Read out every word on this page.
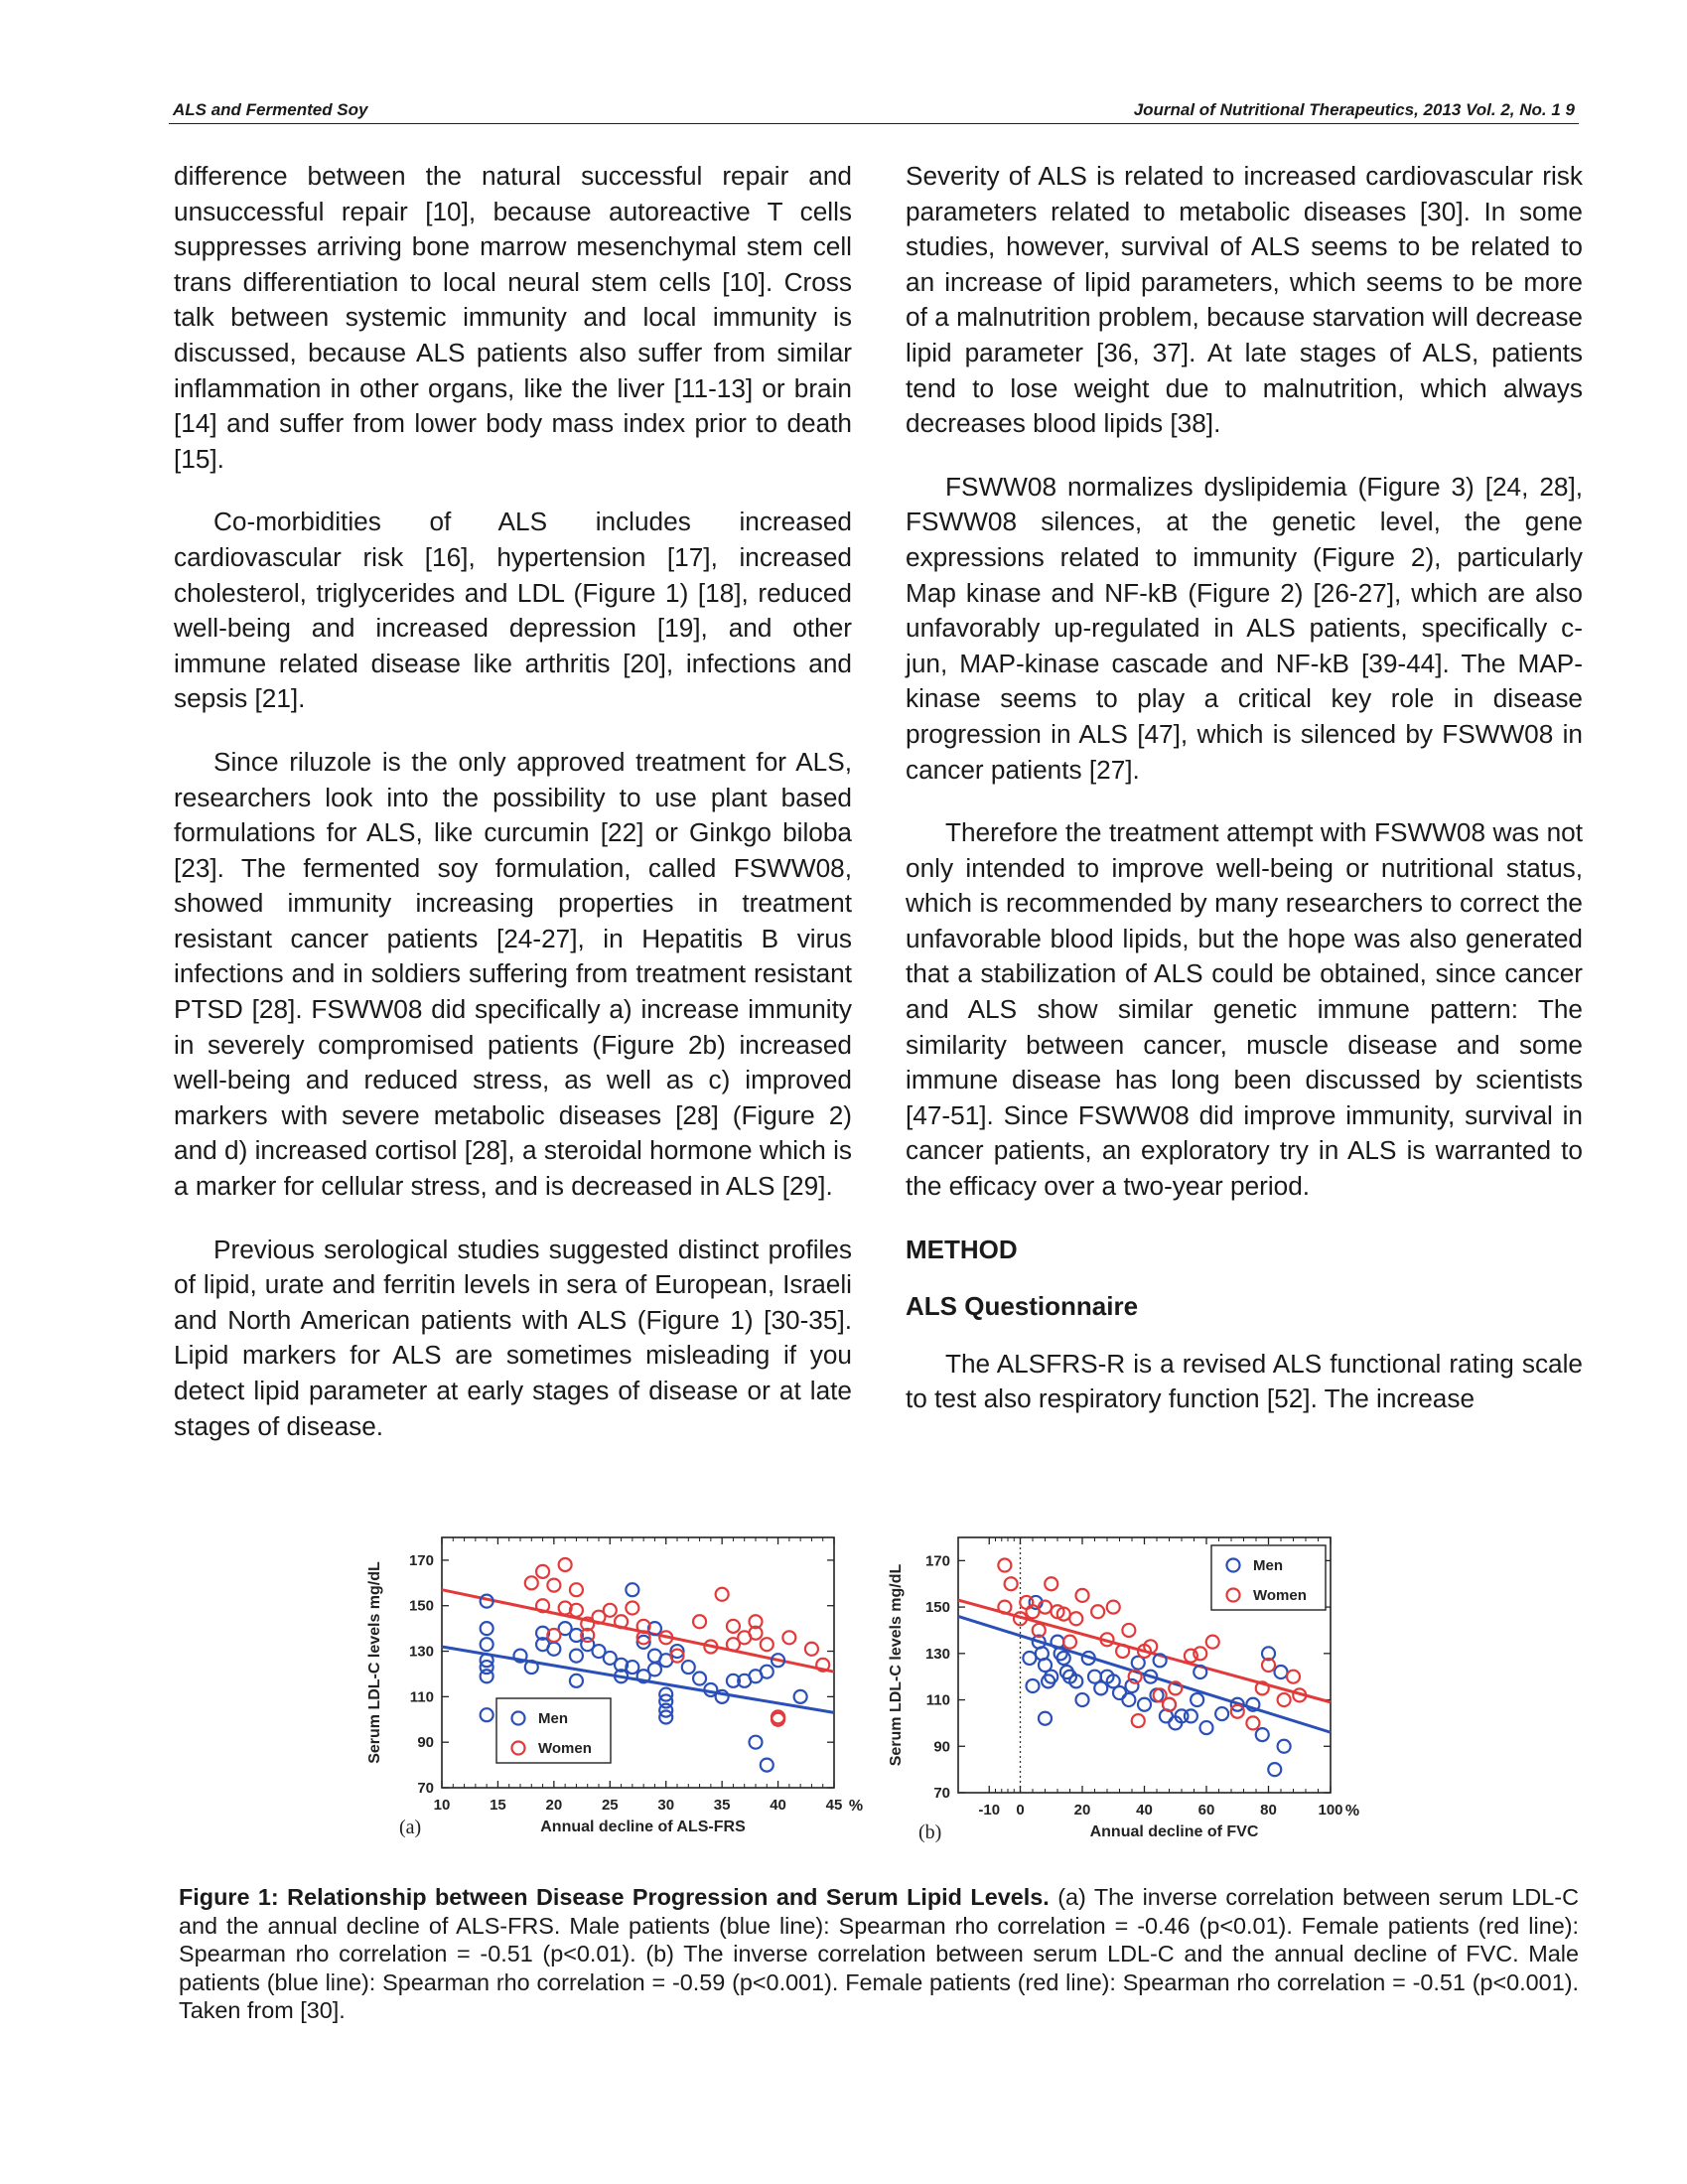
ALS and Fermented Soy	Journal of Nutritional Therapeutics, 2013 Vol. 2, No. 1 9

difference between the natural successful repair and unsuccessful repair [10], because autoreactive T cells suppresses arriving bone marrow mesenchymal stem cell trans differentiation to local neural stem cells [10]. Cross talk between systemic immunity and local immunity is discussed, because ALS patients also suffer from similar inflammation in other organs, like the liver [11-13] or brain [14] and suffer from lower body mass index prior to death [15].

Co-morbidities of ALS includes increased cardiovascular risk [16], hypertension [17], increased cholesterol, triglycerides and LDL (Figure 1) [18], reduced well-being and increased depression [19], and other immune related disease like arthritis [20], infections and sepsis [21].

Since riluzole is the only approved treatment for ALS, researchers look into the possibility to use plant based formulations for ALS, like curcumin [22] or Ginkgo biloba [23]. The fermented soy formulation, called FSWW08, showed immunity increasing properties in treatment resistant cancer patients [24-27], in Hepatitis B virus infections and in soldiers suffering from treatment resistant PTSD [28]. FSWW08 did specifically a) increase immunity in severely compromised patients (Figure 2b) increased well-being and reduced stress, as well as c) improved markers with severe metabolic diseases [28] (Figure 2) and d) increased cortisol [28], a steroidal hormone which is a marker for cellular stress, and is decreased in ALS [29].

Previous serological studies suggested distinct profiles of lipid, urate and ferritin levels in sera of European, Israeli and North American patients with ALS (Figure 1) [30-35]. Lipid markers for ALS are sometimes misleading if you detect lipid parameter at early stages of disease or at late stages of disease.

Severity of ALS is related to increased cardiovascular risk parameters related to metabolic diseases [30]. In some studies, however, survival of ALS seems to be related to an increase of lipid parameters, which seems to be more of a malnutrition problem, because starvation will decrease lipid parameter [36, 37]. At late stages of ALS, patients tend to lose weight due to malnutrition, which always decreases blood lipids [38].

FSWW08 normalizes dyslipidemia (Figure 3) [24, 28], FSWW08 silences, at the genetic level, the gene expressions related to immunity (Figure 2), particularly Map kinase and NF-kB (Figure 2) [26-27], which are also unfavorably up-regulated in ALS patients, specifically c-jun, MAP-kinase cascade and NF-kB [39-44]. The MAP-kinase seems to play a critical key role in disease progression in ALS [47], which is silenced by FSWW08 in cancer patients [27].

Therefore the treatment attempt with FSWW08 was not only intended to improve well-being or nutritional status, which is recommended by many researchers to correct the unfavorable blood lipids, but the hope was also generated that a stabilization of ALS could be obtained, since cancer and ALS show similar genetic immune pattern: The similarity between cancer, muscle disease and some immune disease has long been discussed by scientists [47-51]. Since FSWW08 did improve immunity, survival in cancer patients, an exploratory try in ALS is warranted to the efficacy over a two-year period.

METHOD
ALS Questionnaire

The ALSFRS-R is a revised ALS functional rating scale to test also respiratory function [52]. The increase

10	15	20	25	30	35	40	45
70
90
110
130
150
170
%
Annual decline of ALS-FRS
Serum LDL-C levels mg/dL
(a)
Men
Women
-10 0	20	40	60	80	100
70
90
110
130
150
170
%
Annual decline of FVC
Serum LDL-C levels mg/dL
(b)
Men
Women
Figure 1: Relationship between Disease Progression and Serum Lipid Levels. (a) The inverse correlation between serum LDL-C and the annual decline of ALS-FRS. Male patients (blue line): Spearman rho correlation = -0.46 (p<0.01). Female patients (red line): Spearman rho correlation = -0.51 (p<0.01). (b) The inverse correlation between serum LDL-C and the annual decline of FVC. Male patients (blue line): Spearman rho correlation = -0.59 (p<0.001). Female patients (red line): Spearman rho correlation = -0.51 (p<0.001). Taken from [30].
